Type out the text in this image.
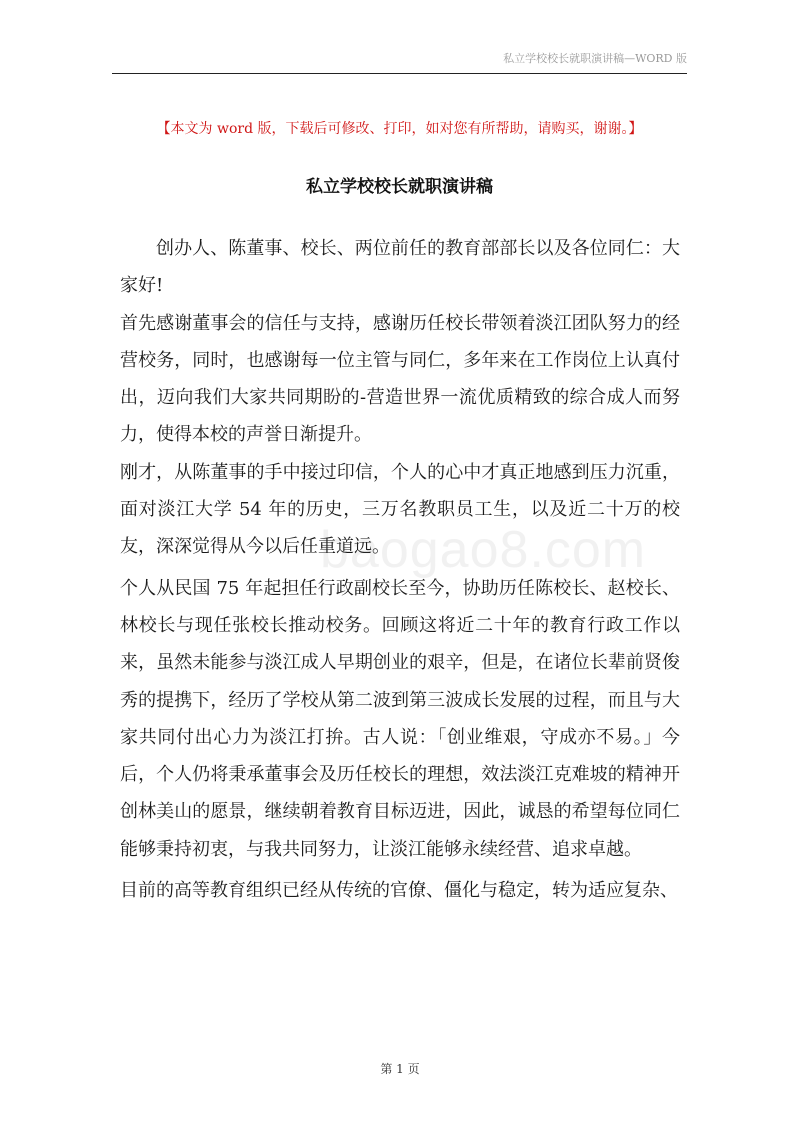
私立学校校长就职演讲稿—WORD 版
【本文为 word 版，下载后可修改、打印，如对您有所帮助，请购买，谢谢。】
私立学校校长就职演讲稿

创办人、陈董事、校长、两位前任的教育部部长以及各位同仁：大家好!

首先感谢董事会的信任与支持，感谢历任校长带领着淡江团队努力的经营校务，同时，也感谢每一位主管与同仁，多年来在工作岗位上认真付出，迈向我们大家共同期盼的-营造世界一流优质精致的综合成人而努力，使得本校的声誉日渐提升。

刚才，从陈董事的手中接过印信，个人的心中才真正地感到压力沉重，面对淡江大学 54 年的历史，三万名教职员工生，以及近二十万的校友，深深觉得从今以后任重道远。

个人从民国 75 年起担任行政副校长至今，协助历任陈校长、赵校长、林校长与现任张校长推动校务。回顾这将近二十年的教育行政工作以来，虽然未能参与淡江成人早期创业的艰辛，但是，在诸位长辈前贤俊秀的提携下，经历了学校从第二波到第三波成长发展的过程，而且与大家共同付出心力为淡江打拚。古人说：「创业维艰，守成亦不易。」今后，个人仍将秉承董事会及历任校长的理想，效法淡江克难坡的精神开创林美山的愿景，继续朝着教育目标迈进，因此，诚恳的希望每位同仁能够秉持初衷，与我共同努力，让淡江能够永续经营、追求卓越。

目前的高等教育组织已经从传统的官僚、僵化与稳定，转为适应复杂、

baogao8.com
第 1 页
